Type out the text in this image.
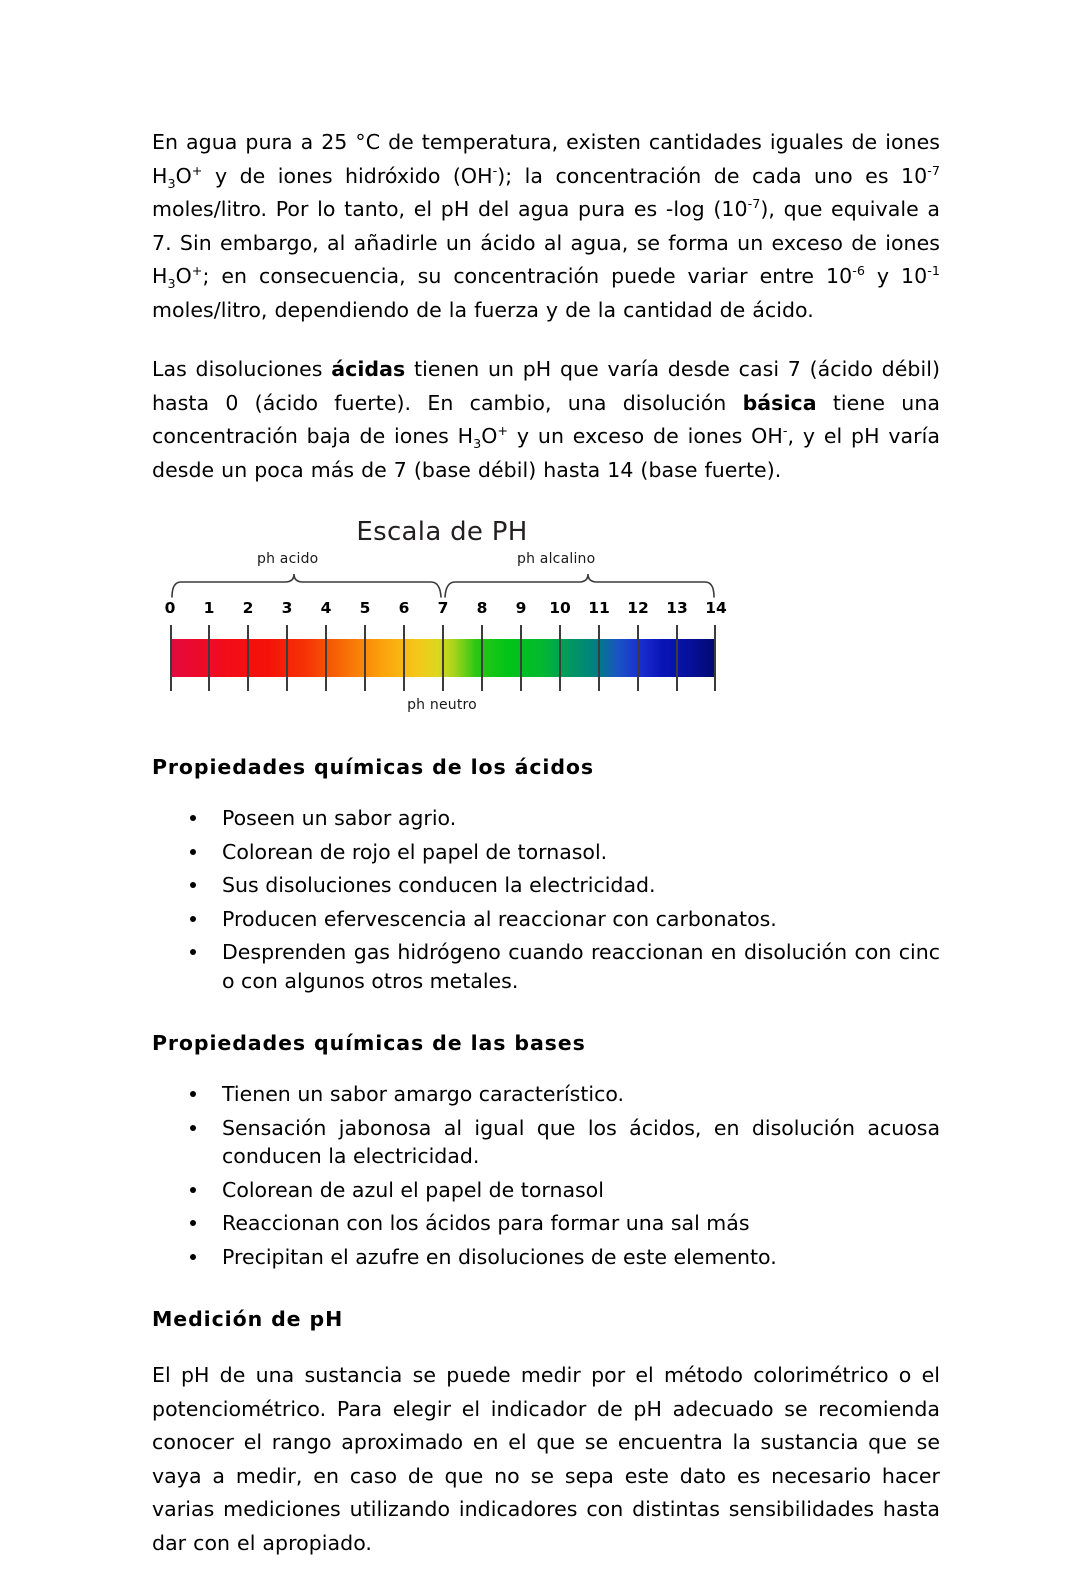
En agua pura a 25 °C de temperatura, existen cantidades iguales de iones $H_3O^+$ y de iones hidróxido (OH-); la concentración de cada uno es $10^{-7}$ moles/litro. Por lo tanto, el pH del agua pura es -log $(10^{-7})$, que equivale a 7. Sin embargo, al añadirle un ácido al agua, se forma un exceso de iones $H_3O^+$; en consecuencia, su concentración puede variar entre $10^{-6}$ y $10^{-1}$ moles/litro, dependiendo de la fuerza y de la cantidad de ácido.

Las disoluciones ácidas tienen un pH que varía desde casi 7 (ácido débil) hasta 0 (ácido fuerte). En cambio, una disolución básica tiene una concentración baja de iones $H_3O^+$ y un exceso de iones OH-, y el pH varía desde un poca más de 7 (base débil) hasta 14 (base fuerte).

Escala de PH
ph acido	ph alcalino
0 1 2 3 4 5 6 7 8 9 10 11 12 13 14
ph neutro
Propiedades químicas de los ácidos
Poseen un sabor agrio.
Colorean de rojo el papel de tornasol.
Sus disoluciones conducen la electricidad.
Producen efervescencia al reaccionar con carbonatos.
Desprenden gas hidrógeno cuando reaccionan en disolución con cinc o con algunos otros metales.
Propiedades químicas de las bases
Tienen un sabor amargo característico.
Sensación jabonosa al igual que los ácidos, en disolución acuosa conducen la electricidad.
Colorean de azul el papel de tornasol
Reaccionan con los ácidos para formar una sal más
Precipitan el azufre en disoluciones de este elemento.
Medición de pH

El pH de una sustancia se puede medir por el método colorimétrico o el potenciométrico. Para elegir el indicador de pH adecuado se recomienda conocer el rango aproximado en el que se encuentra la sustancia que se vaya a medir, en caso de que no se sepa este dato es necesario hacer varias mediciones utilizando indicadores con distintas sensibilidades hasta dar con el apropiado.
